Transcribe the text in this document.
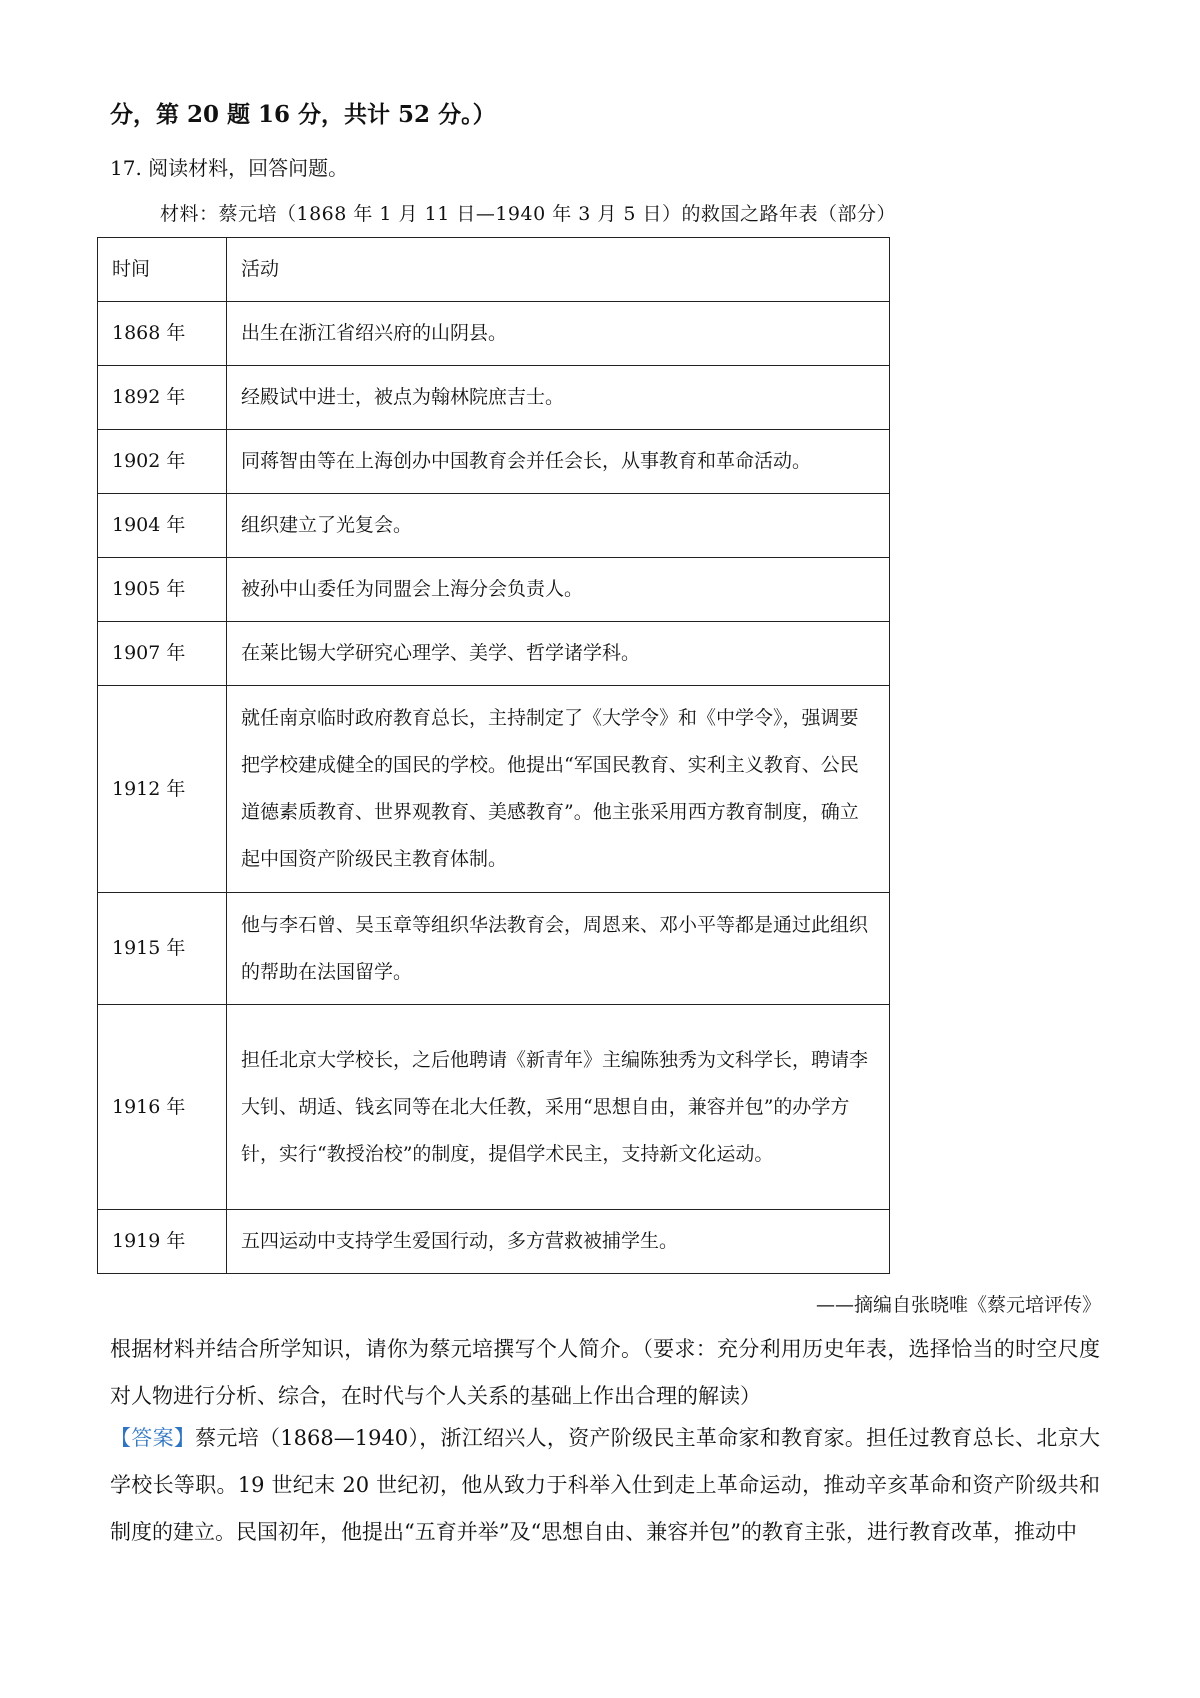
分，第 20 题 16 分，共计 52 分。）
17. 阅读材料，回答问题。
材料：蔡元培（1868 年 1 月 11 日—1940 年 3 月 5 日）的救国之路年表（部分）
时间	活动
1868 年	出生在浙江省绍兴府的山阴县。
1892 年	经殿试中进士，被点为翰林院庶吉士。
1902 年	同蒋智由等在上海创办中国教育会并任会长，从事教育和革命活动。
1904 年	组织建立了光复会。
1905 年	被孙中山委任为同盟会上海分会负责人。
1907 年	在莱比锡大学研究心理学、美学、哲学诸学科。
1912 年	就任南京临时政府教育总长，主持制定了《大学令》和《中学令》，强调要把学校建成健全的国民的学校。他提出“军国民教育、实利主义教育、公民道德素质教育、世界观教育、美感教育”。他主张采用西方教育制度，确立起中国资产阶级民主教育体制。
1915 年	他与李石曾、吴玉章等组织华法教育会，周恩来、邓小平等都是通过此组织的帮助在法国留学。
1916 年	担任北京大学校长，之后他聘请《新青年》主编陈独秀为文科学长，聘请李大钊、胡适、钱玄同等在北大任教，采用“思想自由，兼容并包”的办学方针，实行“教授治校”的制度，提倡学术民主，支持新文化运动。
1919 年	五四运动中支持学生爱国行动，多方营救被捕学生。
——摘编自张晓唯《蔡元培评传》
根据材料并结合所学知识，请你为蔡元培撰写个人简介。（要求：充分利用历史年表，选择恰当的时空尺度对人物进行分析、综合，在时代与个人关系的基础上作出合理的解读）
【答案】蔡元培（1868—1940），浙江绍兴人，资产阶级民主革命家和教育家。担任过教育总长、北京大学校长等职。19 世纪末 20 世纪初，他从致力于科举入仕到走上革命运动，推动辛亥革命和资产阶级共和制度的建立。民国初年，他提出“五育并举”及“思想自由、兼容并包”的教育主张，进行教育改革，推动中
